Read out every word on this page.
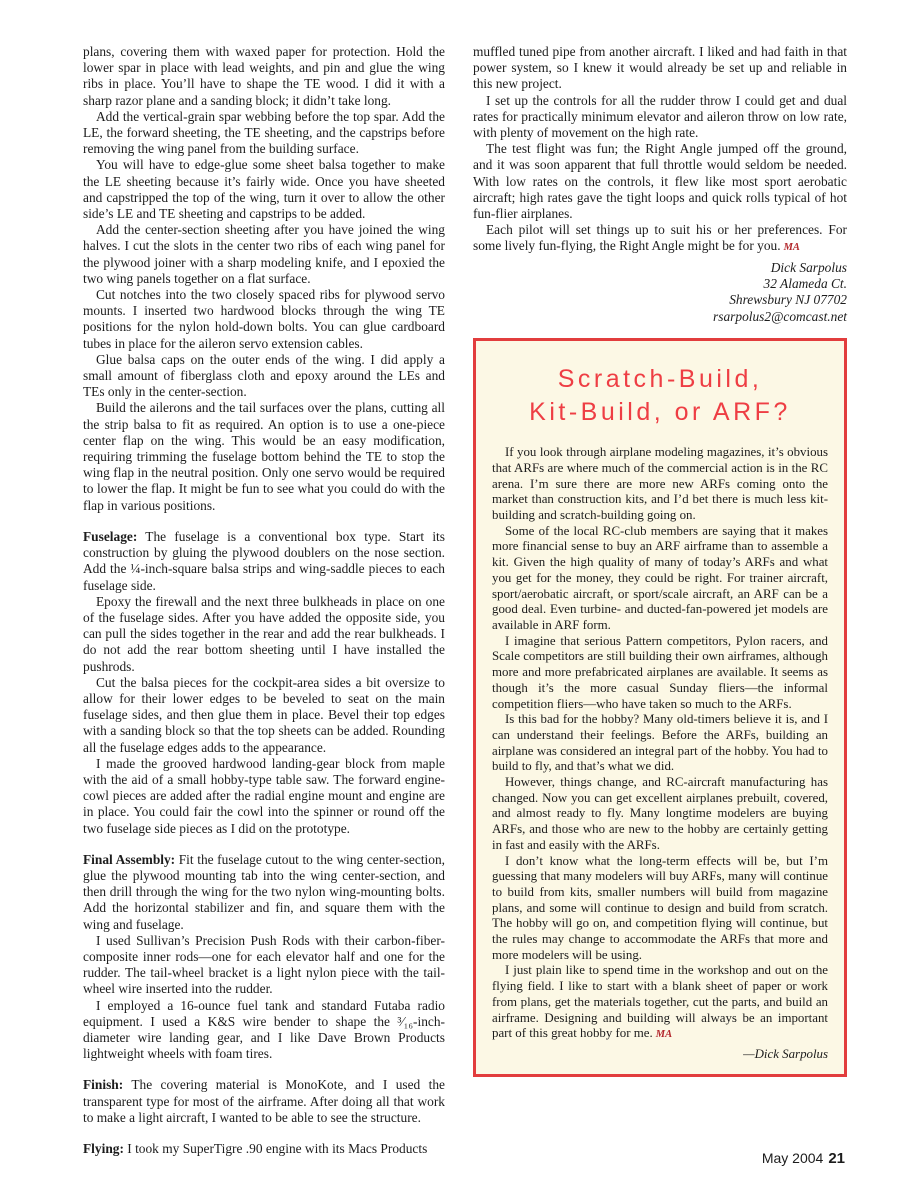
plans, covering them with waxed paper for protection. Hold the lower spar in place with lead weights, and pin and glue the wing ribs in place. You’ll have to shape the TE wood. I did it with a sharp razor plane and a sanding block; it didn’t take long.

Add the vertical-grain spar webbing before the top spar. Add the LE, the forward sheeting, the TE sheeting, and the capstrips before removing the wing panel from the building surface.

You will have to edge-glue some sheet balsa together to make the LE sheeting because it’s fairly wide. Once you have sheeted and capstripped the top of the wing, turn it over to allow the other side’s LE and TE sheeting and capstrips to be added.

Add the center-section sheeting after you have joined the wing halves. I cut the slots in the center two ribs of each wing panel for the plywood joiner with a sharp modeling knife, and I epoxied the two wing panels together on a flat surface.

Cut notches into the two closely spaced ribs for plywood servo mounts. I inserted two hardwood blocks through the wing TE positions for the nylon hold-down bolts. You can glue cardboard tubes in place for the aileron servo extension cables.

Glue balsa caps on the outer ends of the wing. I did apply a small amount of fiberglass cloth and epoxy around the LEs and TEs only in the center-section.

Build the ailerons and the tail surfaces over the plans, cutting all the strip balsa to fit as required. An option is to use a one-piece center flap on the wing. This would be an easy modification, requiring trimming the fuselage bottom behind the TE to stop the wing flap in the neutral position. Only one servo would be required to lower the flap. It might be fun to see what you could do with the flap in various positions.

Fuselage: The fuselage is a conventional box type. Start its construction by gluing the plywood doublers on the nose section. Add the ¼-inch-square balsa strips and wing-saddle pieces to each fuselage side.

Epoxy the firewall and the next three bulkheads in place on one of the fuselage sides. After you have added the opposite side, you can pull the sides together in the rear and add the rear bulkheads. I do not add the rear bottom sheeting until I have installed the pushrods.

Cut the balsa pieces for the cockpit-area sides a bit oversize to allow for their lower edges to be beveled to seat on the main fuselage sides, and then glue them in place. Bevel their top edges with a sanding block so that the top sheets can be added. Rounding all the fuselage edges adds to the appearance.

I made the grooved hardwood landing-gear block from maple with the aid of a small hobby-type table saw. The forward engine-cowl pieces are added after the radial engine mount and engine are in place. You could fair the cowl into the spinner or round off the two fuselage side pieces as I did on the prototype.

Final Assembly: Fit the fuselage cutout to the wing center-section, glue the plywood mounting tab into the wing center-section, and then drill through the wing for the two nylon wing-mounting bolts. Add the horizontal stabilizer and fin, and square them with the wing and fuselage.

I used Sullivan’s Precision Push Rods with their carbon-fiber-composite inner rods—one for each elevator half and one for the rudder. The tail-wheel bracket is a light nylon piece with the tail-wheel wire inserted into the rudder.

I employed a 16-ounce fuel tank and standard Futaba radio equipment. I used a K&S wire bender to shape the ³⁄₁₆-inch-diameter wire landing gear, and I like Dave Brown Products lightweight wheels with foam tires.

Finish: The covering material is MonoKote, and I used the transparent type for most of the airframe. After doing all that work to make a light aircraft, I wanted to be able to see the structure.

Flying: I took my SuperTigre .90 engine with its Macs Products

muffled tuned pipe from another aircraft. I liked and had faith in that power system, so I knew it would already be set up and reliable in this new project.

I set up the controls for all the rudder throw I could get and dual rates for practically minimum elevator and aileron throw on low rate, with plenty of movement on the high rate.

The test flight was fun; the Right Angle jumped off the ground, and it was soon apparent that full throttle would seldom be needed. With low rates on the controls, it flew like most sport aerobatic aircraft; high rates gave the tight loops and quick rolls typical of hot fun-flier airplanes.

Each pilot will set things up to suit his or her preferences. For some lively fun-flying, the Right Angle might be for you. MA

Dick Sarpolus
32 Alameda Ct.
Shrewsbury NJ 07702
rsarpolus2@comcast.net
Scratch-Build,
Kit-Build, or ARF?

If you look through airplane modeling magazines, it’s obvious that ARFs are where much of the commercial action is in the RC arena. I’m sure there are more new ARFs coming onto the market than construction kits, and I’d bet there is much less kit-building and scratch-building going on.

Some of the local RC-club members are saying that it makes more financial sense to buy an ARF airframe than to assemble a kit. Given the high quality of many of today’s ARFs and what you get for the money, they could be right. For trainer aircraft, sport/aerobatic aircraft, or sport/scale aircraft, an ARF can be a good deal. Even turbine- and ducted-fan-powered jet models are available in ARF form.

I imagine that serious Pattern competitors, Pylon racers, and Scale competitors are still building their own airframes, although more and more prefabricated airplanes are available. It seems as though it’s the more casual Sunday fliers—the informal competition fliers—who have taken so much to the ARFs.

Is this bad for the hobby? Many old-timers believe it is, and I can understand their feelings. Before the ARFs, building an airplane was considered an integral part of the hobby. You had to build to fly, and that’s what we did.

However, things change, and RC-aircraft manufacturing has changed. Now you can get excellent airplanes prebuilt, covered, and almost ready to fly. Many longtime modelers are buying ARFs, and those who are new to the hobby are certainly getting in fast and easily with the ARFs.

I don’t know what the long-term effects will be, but I’m guessing that many modelers will buy ARFs, many will continue to build from kits, smaller numbers will build from magazine plans, and some will continue to design and build from scratch. The hobby will go on, and competition flying will continue, but the rules may change to accommodate the ARFs that more and more modelers will be using.

I just plain like to spend time in the workshop and out on the flying field. I like to start with a blank sheet of paper or work from plans, get the materials together, cut the parts, and build an airframe. Designing and building will always be an important part of this great hobby for me. MA

—Dick Sarpolus
May 2004 21
